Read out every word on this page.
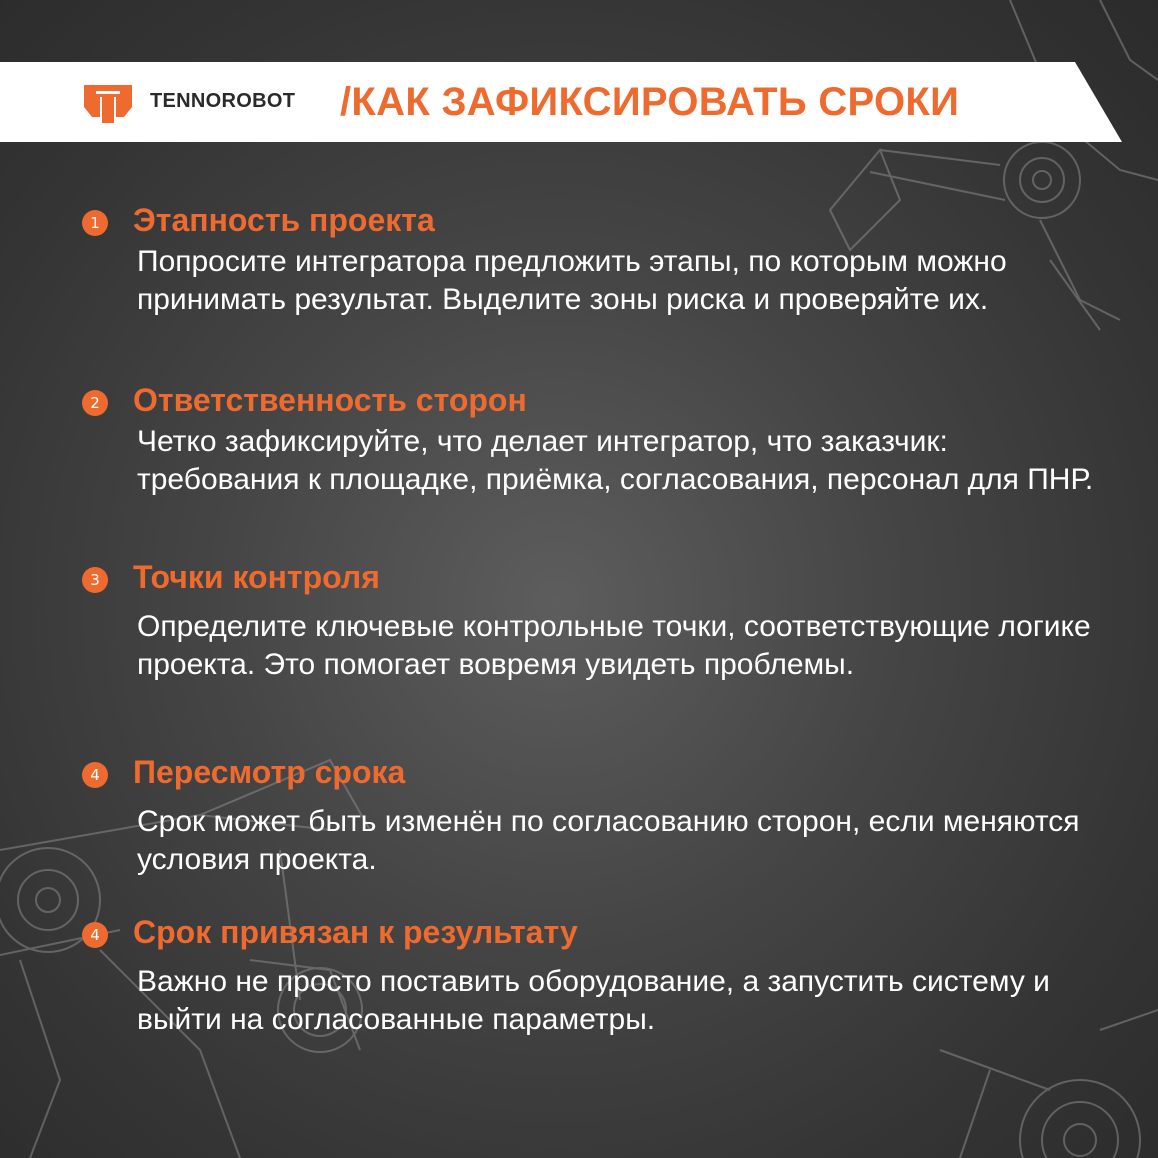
TENNOROBOT /КАК ЗАФИКСИРОВАТЬ СРОКИ
1 Этапность проекта
Попросите интегратора предложить этапы, по которым можно принимать результат. Выделите зоны риска и проверяйте их.
2 Ответственность сторон
Четко зафиксируйте, что делает интегратор, что заказчик: требования к площадке, приёмка, согласования, персонал для ПНР.
3 Точки контроля
Определите ключевые контрольные точки, соответствующие логике проекта. Это помогает вовремя увидеть проблемы.
4 Пересмотр срока
Срок может быть изменён по согласованию сторон, если меняются условия проекта.
4 Срок привязан к результату
Важно не просто поставить оборудование, а запустить систему и выйти на согласованные параметры.
